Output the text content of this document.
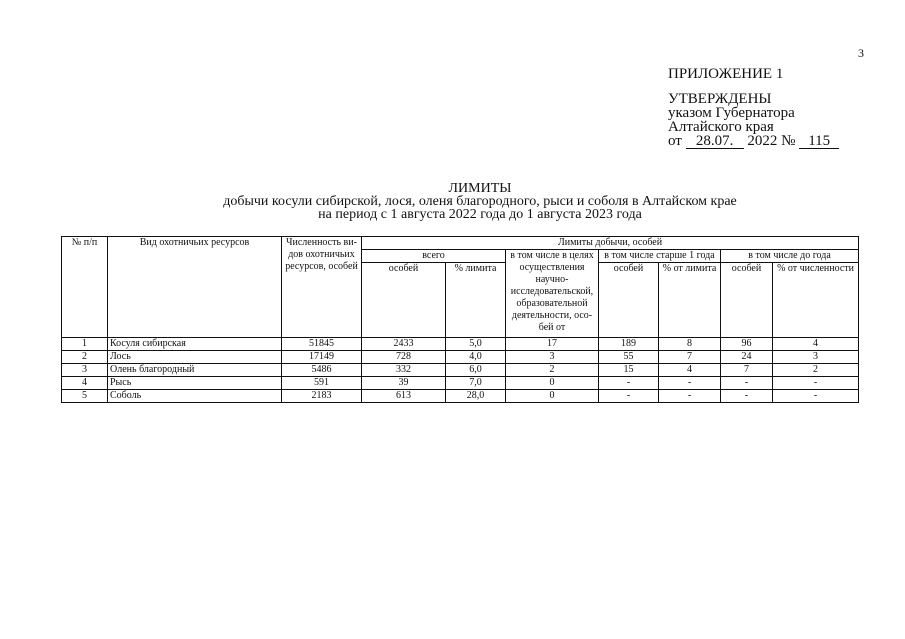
3
ПРИЛОЖЕНИЕ 1
УТВЕРЖДЕНЫ
указом Губернатора
Алтайского края
от 28.07. 2022 № 115
ЛИМИТЫ
добычи косули сибирской, лося, оленя благородного, рыси и соболя в Алтайском крае
на период с 1 августа 2022 года до 1 августа 2023 года
№ п/п	Вид охотничьих ресурсов	Численность ви-дов охотничьих ресурсов, особей	Лимиты добычи, особей						
			всего		в том числе в целях осуществления научно-исследовательской, образовательной деятельности, осо-бей от	в том числе старше 1 года		в том числе до года	
			особей	% лимита		особей	% от лимита	особей	% от численности
1	Косуля сибирская	51845	2433	5,0	17	189	8	96	4
2	Лось	17149	728	4,0	3	55	7	24	3
3	Олень благородный	5486	332	6,0	2	15	4	7	2
4	Рысь	591	39	7,0	0	-	-	-	-
5	Соболь	2183	613	28,0	0	-	-	-	-
